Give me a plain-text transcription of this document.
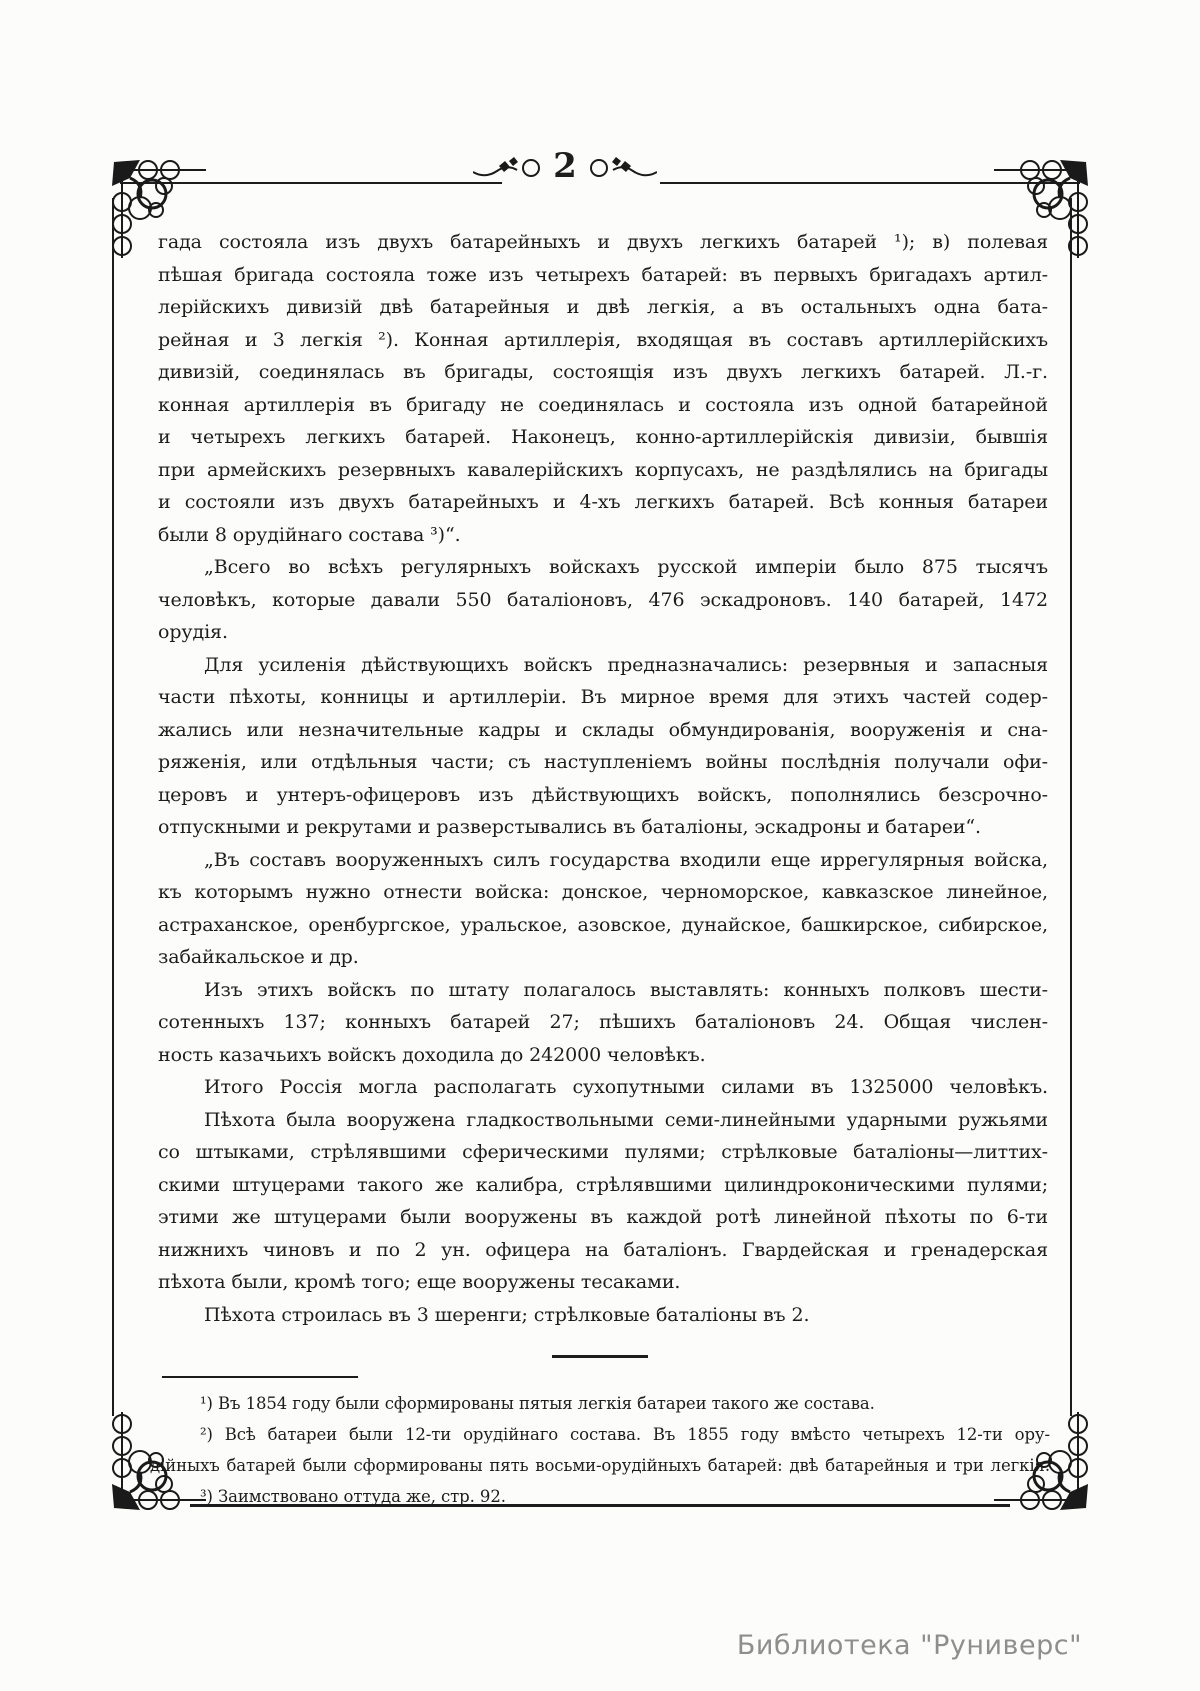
2
гада состояла изъ двухъ батарейныхъ и двухъ легкихъ батарей ¹); в) полевая
пѣшая бригада состояла тоже изъ четырехъ батарей: въ первыхъ бригадахъ артил-
лерійскихъ дивизій двѣ батарейныя и двѣ легкія, а въ остальныхъ одна бата-
рейная и 3 легкія ²). Конная артиллерія, входящая въ составъ артиллерійскихъ
дивизій, соединялась въ бригады, состоящія изъ двухъ легкихъ батарей. Л.-г.
конная артиллерія въ бригаду не соединялась и состояла изъ одной батарейной
и четырехъ легкихъ батарей. Наконецъ, конно-артиллерійскія дивизіи, бывшія
при армейскихъ резервныхъ кавалерійскихъ корпусахъ, не раздѣлялись на бригады
и состояли изъ двухъ батарейныхъ и 4-хъ легкихъ батарей. Всѣ конныя батареи
были 8 орудійнаго состава ³)“.
„Всего во всѣхъ регулярныхъ войскахъ русской имперіи было 875 тысячъ
человѣкъ, которые давали 550 баталіоновъ, 476 эскадроновъ. 140 батарей, 1472
орудія.
Для усиленія дѣйствующихъ войскъ предназначались: резервныя и запасныя
части пѣхоты, конницы и артиллеріи. Въ мирное время для этихъ частей содер-
жались или незначительные кадры и склады обмундированія, вооруженія и сна-
ряженія, или отдѣльныя части; съ наступленіемъ войны послѣднія получали офи-
церовъ и унтеръ-офицеровъ изъ дѣйствующихъ войскъ, пополнялись безсрочно-
отпускными и рекрутами и разверстывались въ баталіоны, эскадроны и батареи“.
„Въ составъ вооруженныхъ силъ государства входили еще иррегулярныя войска,
къ которымъ нужно отнести войска: донское, черноморское, кавказское линейное,
астраханское, оренбургское, уральское, азовское, дунайское, башкирское, сибирское,
забайкальское и др.
Изъ этихъ войскъ по штату полагалось выставлять: конныхъ полковъ шести-
сотенныхъ 137; конныхъ батарей 27; пѣшихъ баталіоновъ 24. Общая числен-
ность казачьихъ войскъ доходила до 242000 человѣкъ.
Итого Россія могла располагать сухопутными силами въ 1325000 человѣкъ.
Пѣхота была вооружена гладкоствольными семи-линейными ударными ружьями
со штыками, стрѣлявшими сферическими пулями; стрѣлковые баталіоны—литтих-
скими штуцерами такого же калибра, стрѣлявшими цилиндроконическими пулями;
этими же штуцерами были вооружены въ каждой ротѣ линейной пѣхоты по 6-ти
нижнихъ чиновъ и по 2 ун. офицера на баталіонъ. Гвардейская и гренадерская
пѣхота были, кромѣ того; еще вооружены тесаками.
Пѣхота строилась въ 3 шеренги; стрѣлковые баталіоны въ 2.
¹) Въ 1854 году были сформированы пятыя легкія батареи такого же состава.
²) Всѣ батареи были 12-ти орудійнаго состава. Въ 1855 году вмѣсто четырехъ 12-ти ору-
дійныхъ батарей были сформированы пять восьми-орудійныхъ батарей: двѣ батарейныя и три легкія.
³) Заимствовано оттуда же, стр. 92.
Библиотека "Руниверс"
